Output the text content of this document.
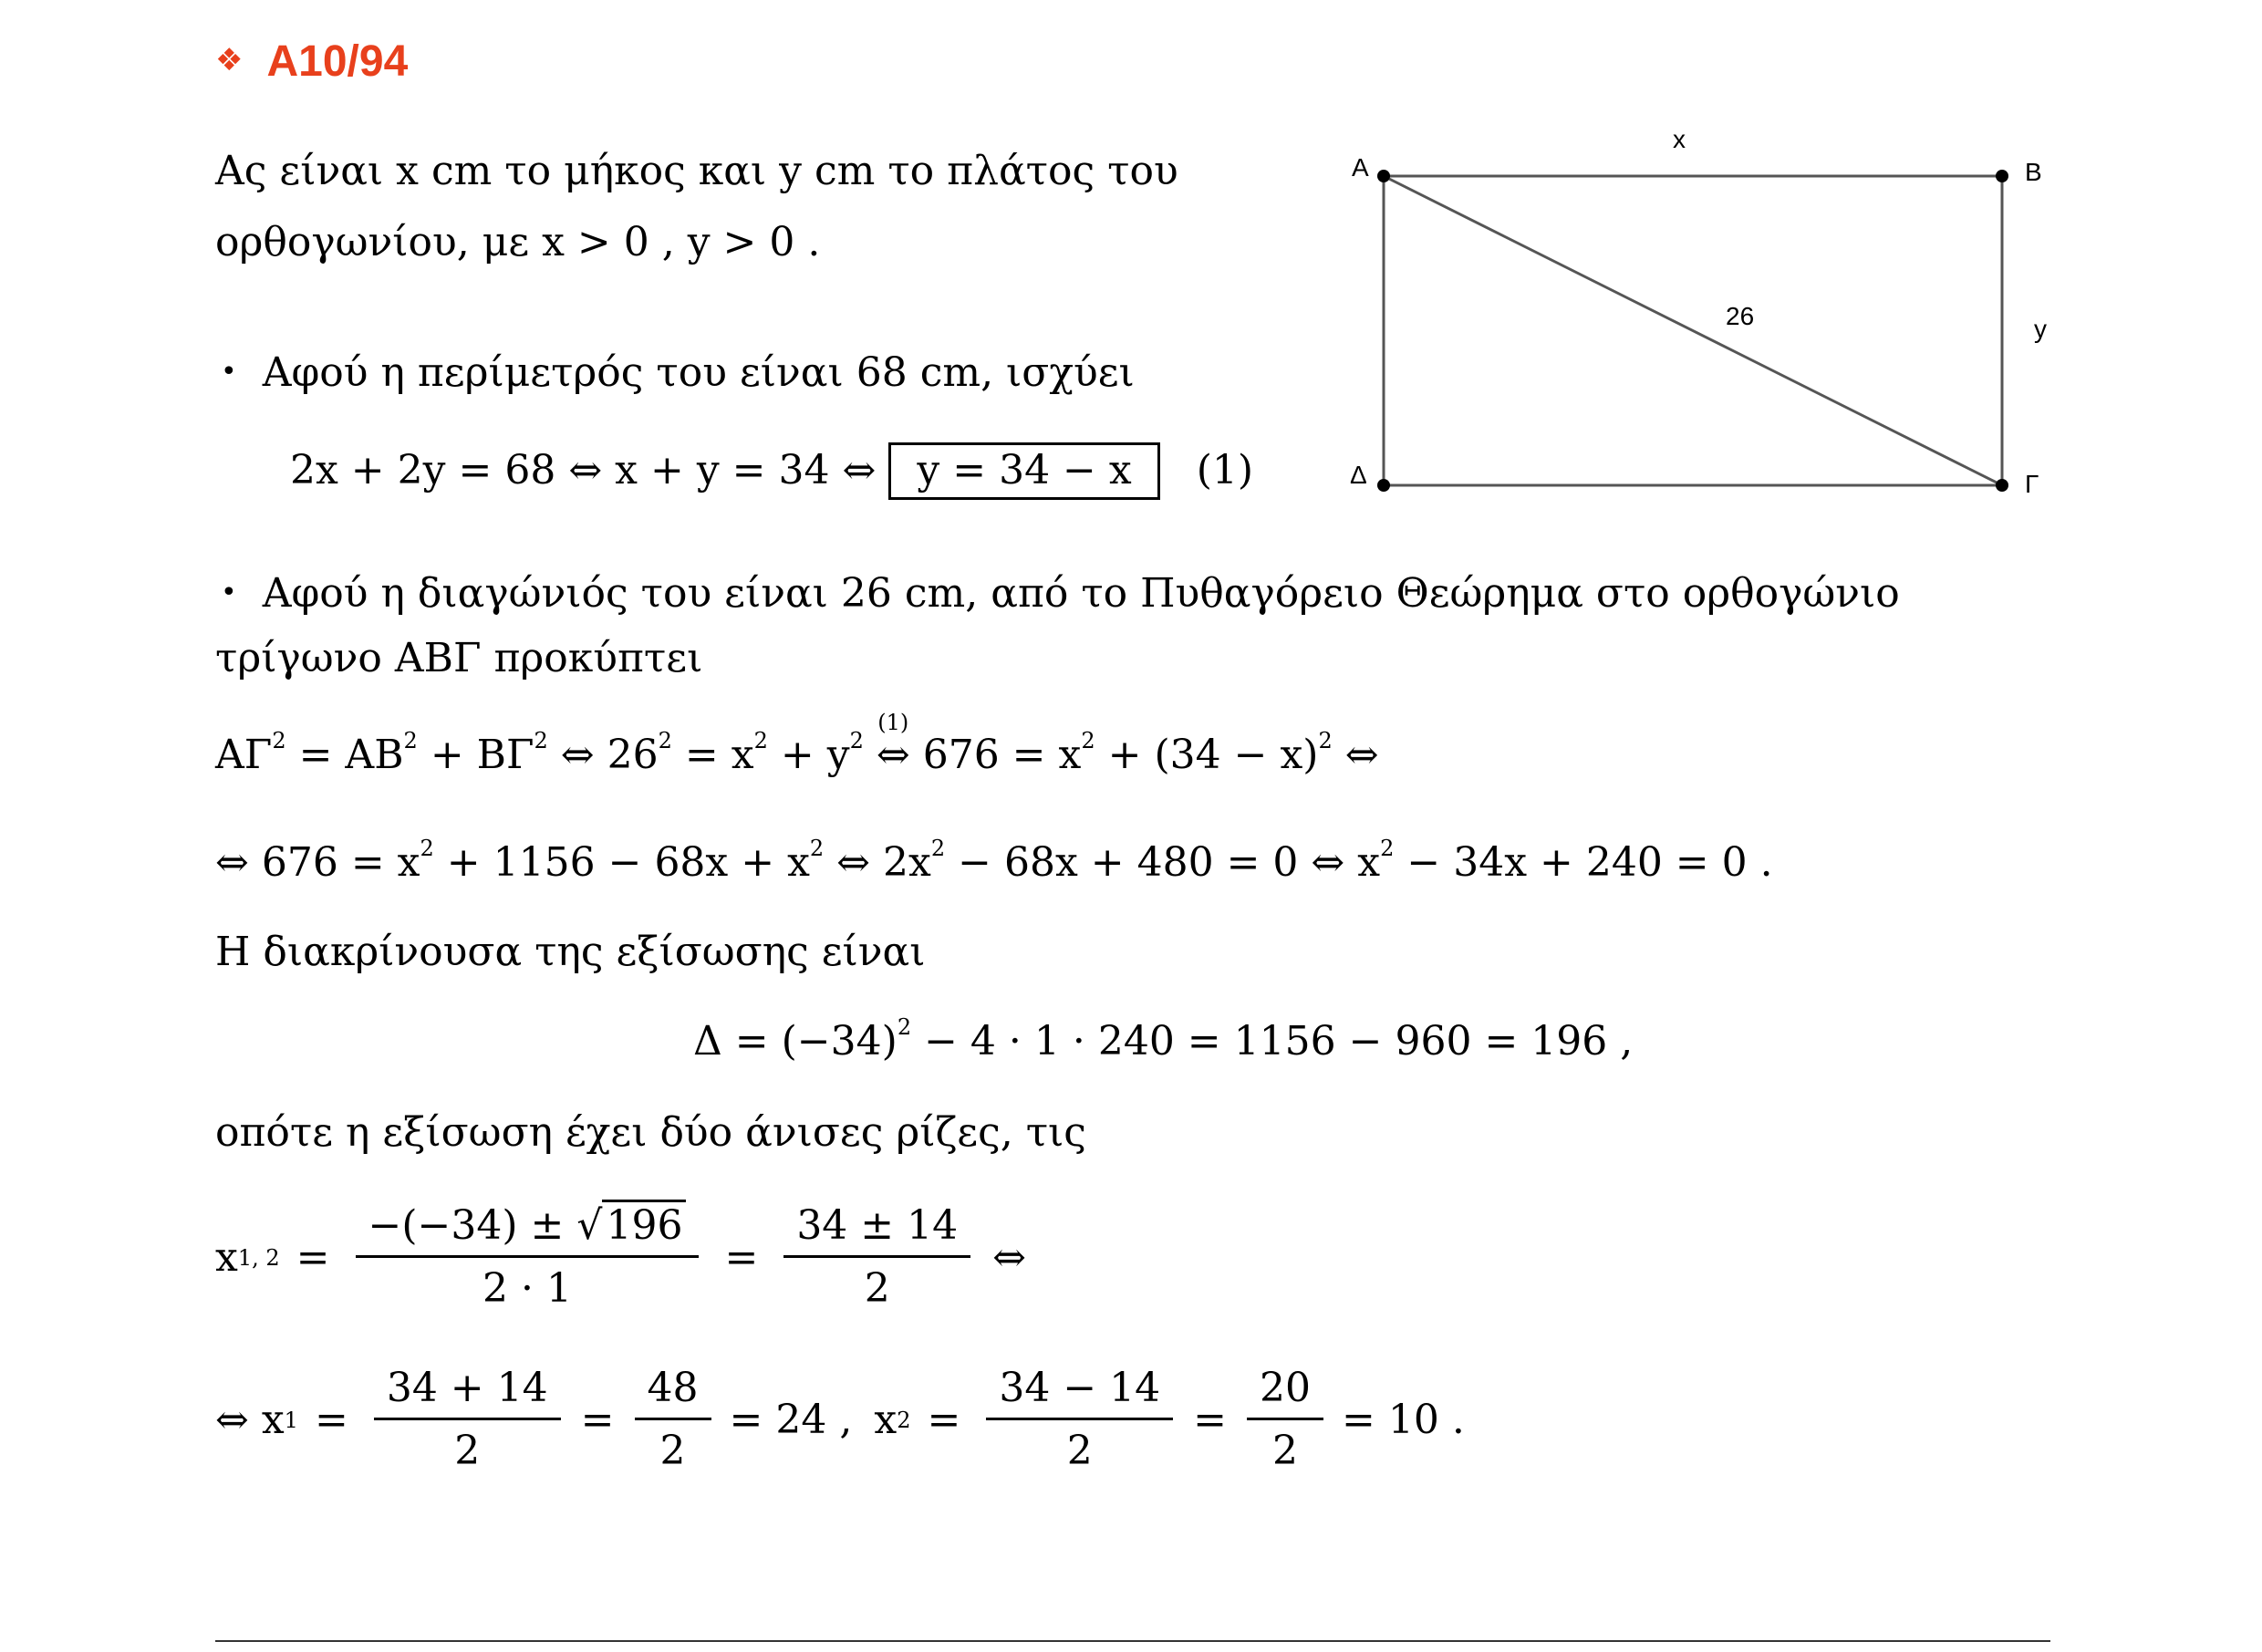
❖ A10/94
Ας είναι x cm το μήκος και y cm το πλάτος του
ορθογωνίου, με x > 0 , y > 0 .
• Αφού η περίμετρός του είναι 68 cm, ισχύει
2x + 2y = 68 ⇔ x + y = 34 ⇔ y = 34 − x (1)
Α	Β
Γ
Δ
x
y
26
• Αφού η διαγώνιός του είναι 26 cm, από το Πυθαγόρειο Θεώρημα στο ορθογώνιο
τρίγωνο ΑΒΓ προκύπτει
$A\Gamma^2 = AB^2 + B\Gamma^2$ ⇔ $26^2 = x^2 + y^2$
(1)
⇔ $676 = x^2 + (34 - x)^2$ ⇔
⇔ $676 = x^2 + 1156 - 68x + x^2$ ⇔ $2x^2 - 68x + 480 = 0$ ⇔ $x^2 - 34x + 240 = 0$ .
Η διακρίνουσα της εξίσωσης είναι
$\Delta = (-34)^2 - 4 \cdot 1 \cdot 240 = 1156 - 960 = 196$ ,
οπότε η εξίσωση έχει δύο άνισες ρίζες, τις
x 1, $2 = \frac{-(-34) \pm √196}{2 \cdot 1} = \frac{34 \pm 14}{2}$ ⇔
⇔ x $1 = \frac{34 + 14}{2} = \frac{48}{2} = 24$ , x $2 = \frac{34 - 14}{2} = \frac{20}{2} = 10$ .
